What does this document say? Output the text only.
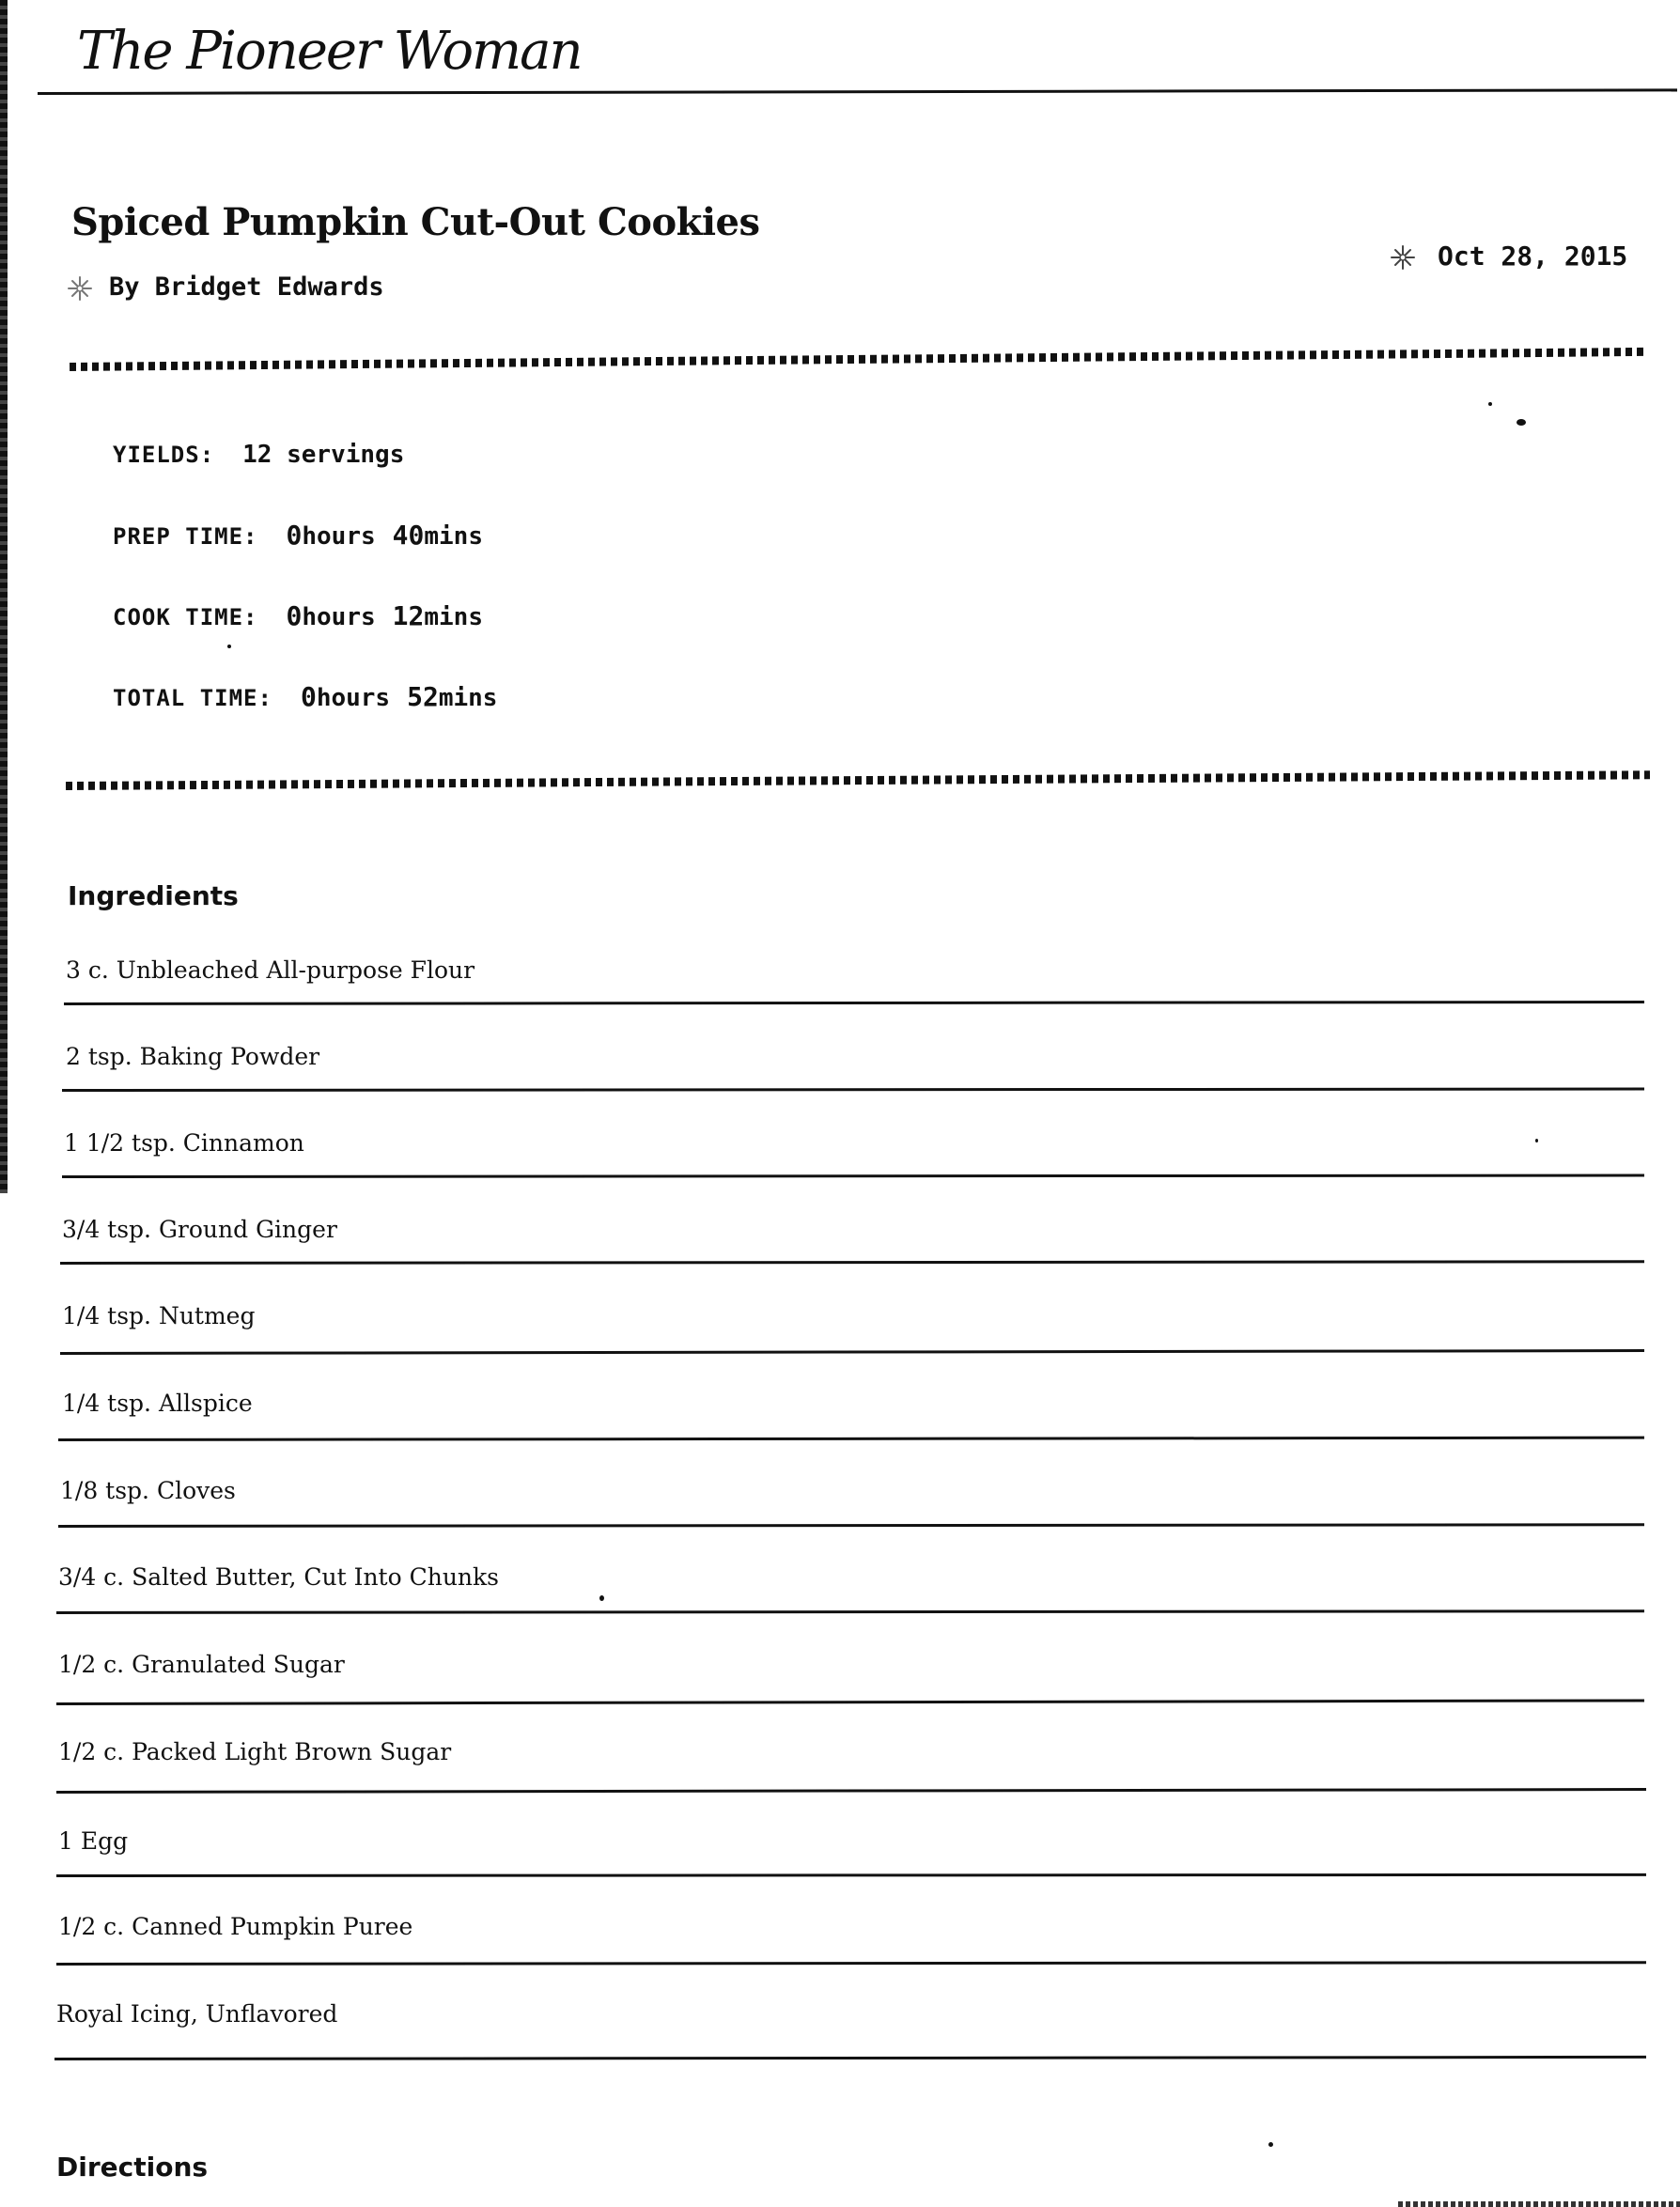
The Pioneer Woman
Spiced Pumpkin Cut-Out Cookies
By Bridget Edwards
Oct 28, 2015
YIELDS: 12 servings
PREP TIME: 0hours 40mins
COOK TIME: 0hours 12mins
TOTAL TIME: 0hours 52mins
Ingredients
3 c. Unbleached All-purpose Flour
2 tsp. Baking Powder
1 1/2 tsp. Cinnamon
3/4 tsp. Ground Ginger
1/4 tsp. Nutmeg
1/4 tsp. Allspice
1/8 tsp. Cloves
3/4 c. Salted Butter, Cut Into Chunks
1/2 c. Granulated Sugar
1/2 c. Packed Light Brown Sugar
1 Egg
1/2 c. Canned Pumpkin Puree
Royal Icing, Unflavored
Directions
